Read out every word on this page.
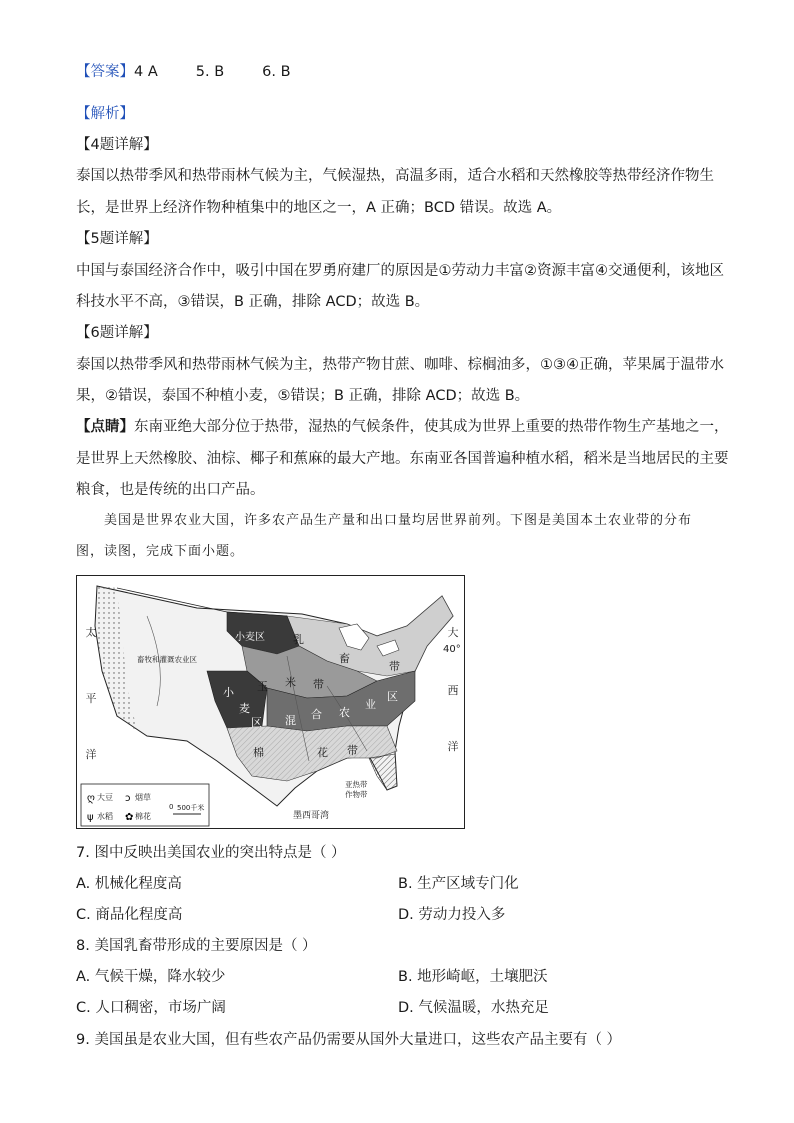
【答案】4 A	5. B	6. B
【解析】
【4题详解】
泰国以热带季风和热带雨林气候为主，气候湿热，高温多雨，适合水稻和天然橡胶等热带经济作物生
长，是世界上经济作物种植集中的地区之一，A 正确；BCD 错误。故选 A。
【5题详解】
中国与泰国经济合作中，吸引中国在罗勇府建厂的原因是①劳动力丰富②资源丰富④交通便利，该地区
科技水平不高，③错误，B 正确，排除 ACD；故选 B。
【6题详解】
泰国以热带季风和热带雨林气候为主，热带产物甘蔗、咖啡、棕榈油多，①③④正确，苹果属于温带水
果，②错误，泰国不种植小麦，⑤错误；B 正确，排除 ACD；故选 B。
【点睛】东南亚绝大部分位于热带，湿热的气候条件，使其成为世界上重要的热带作物生产基地之一，
是世界上天然橡胶、油棕、椰子和蕉麻的最大产地。东南亚各国普遍种植水稻，稻米是当地居民的主要
粮食，也是传统的出口产品。
美国是世界农业大国，许多农产品生产量和出口量均居世界前列。下图是美国本土农业带的分布
图，读图，完成下面小题。
ღ	ↄ
ψ	✿
太
平
洋
大
西
洋
40°
小麦区	乳
畜
带
畜牧和灌溉农业区
玉 米 带
小
麦
区 混 合 农
业
区
棉	花 带
亚热带
作物带
墨西哥湾
大豆	烟草
水稻	棉花
0 500千米
7. 图中反映出美国农业的突出特点是（ ）
A. 机械化程度高	B. 生产区域专门化
C. 商品化程度高	D. 劳动力投入多
8. 美国乳畜带形成的主要原因是（ ）
A. 气候干燥，降水较少	B. 地形崎岖，土壤肥沃
C. 人口稠密，市场广阔	D. 气候温暖，水热充足
9. 美国虽是农业大国，但有些农产品仍需要从国外大量进口，这些农产品主要有（ ）
